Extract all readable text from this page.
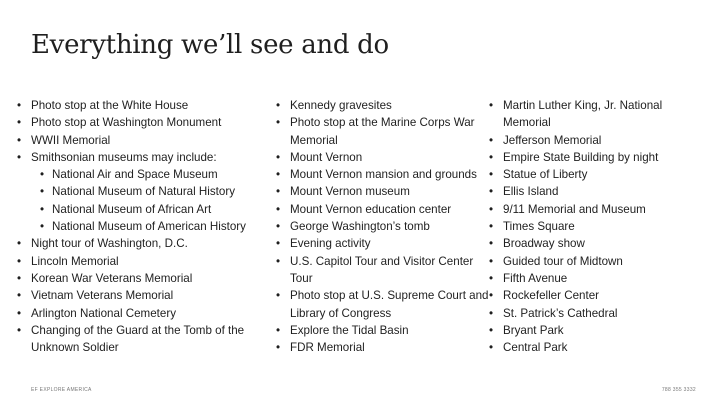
Everything we’ll see and do
• Photo stop at the White House
• Photo stop at Washington Monument
• WWII Memorial
• Smithsonian museums may include:
• National Air and Space Museum
• National Museum of Natural History
• National Museum of African Art
• National Museum of American History
• Night tour of Washington, D.C.
• Lincoln Memorial
• Korean War Veterans Memorial
• Vietnam Veterans Memorial
• Arlington National Cemetery
• Changing of the Guard at the Tomb of the Unknown Soldier
• Kennedy gravesites
• Photo stop at the Marine Corps War Memorial
• Mount Vernon
• Mount Vernon mansion and grounds
• Mount Vernon museum
• Mount Vernon education center
• George Washington’s tomb
• Evening activity
• U.S. Capitol Tour and Visitor Center Tour
• Photo stop at U.S. Supreme Court and Library of Congress
• Explore the Tidal Basin
• FDR Memorial
• Martin Luther King, Jr. National Memorial
• Jefferson Memorial
• Empire State Building by night
• Statue of Liberty
• Ellis Island
• 9/11 Memorial and Museum
• Times Square
• Broadway show
• Guided tour of Midtown
• Fifth Avenue
• Rockefeller Center
• St. Patrick’s Cathedral
• Bryant Park
• Central Park
EF EXPLORE AMERICA	788 355 3332
